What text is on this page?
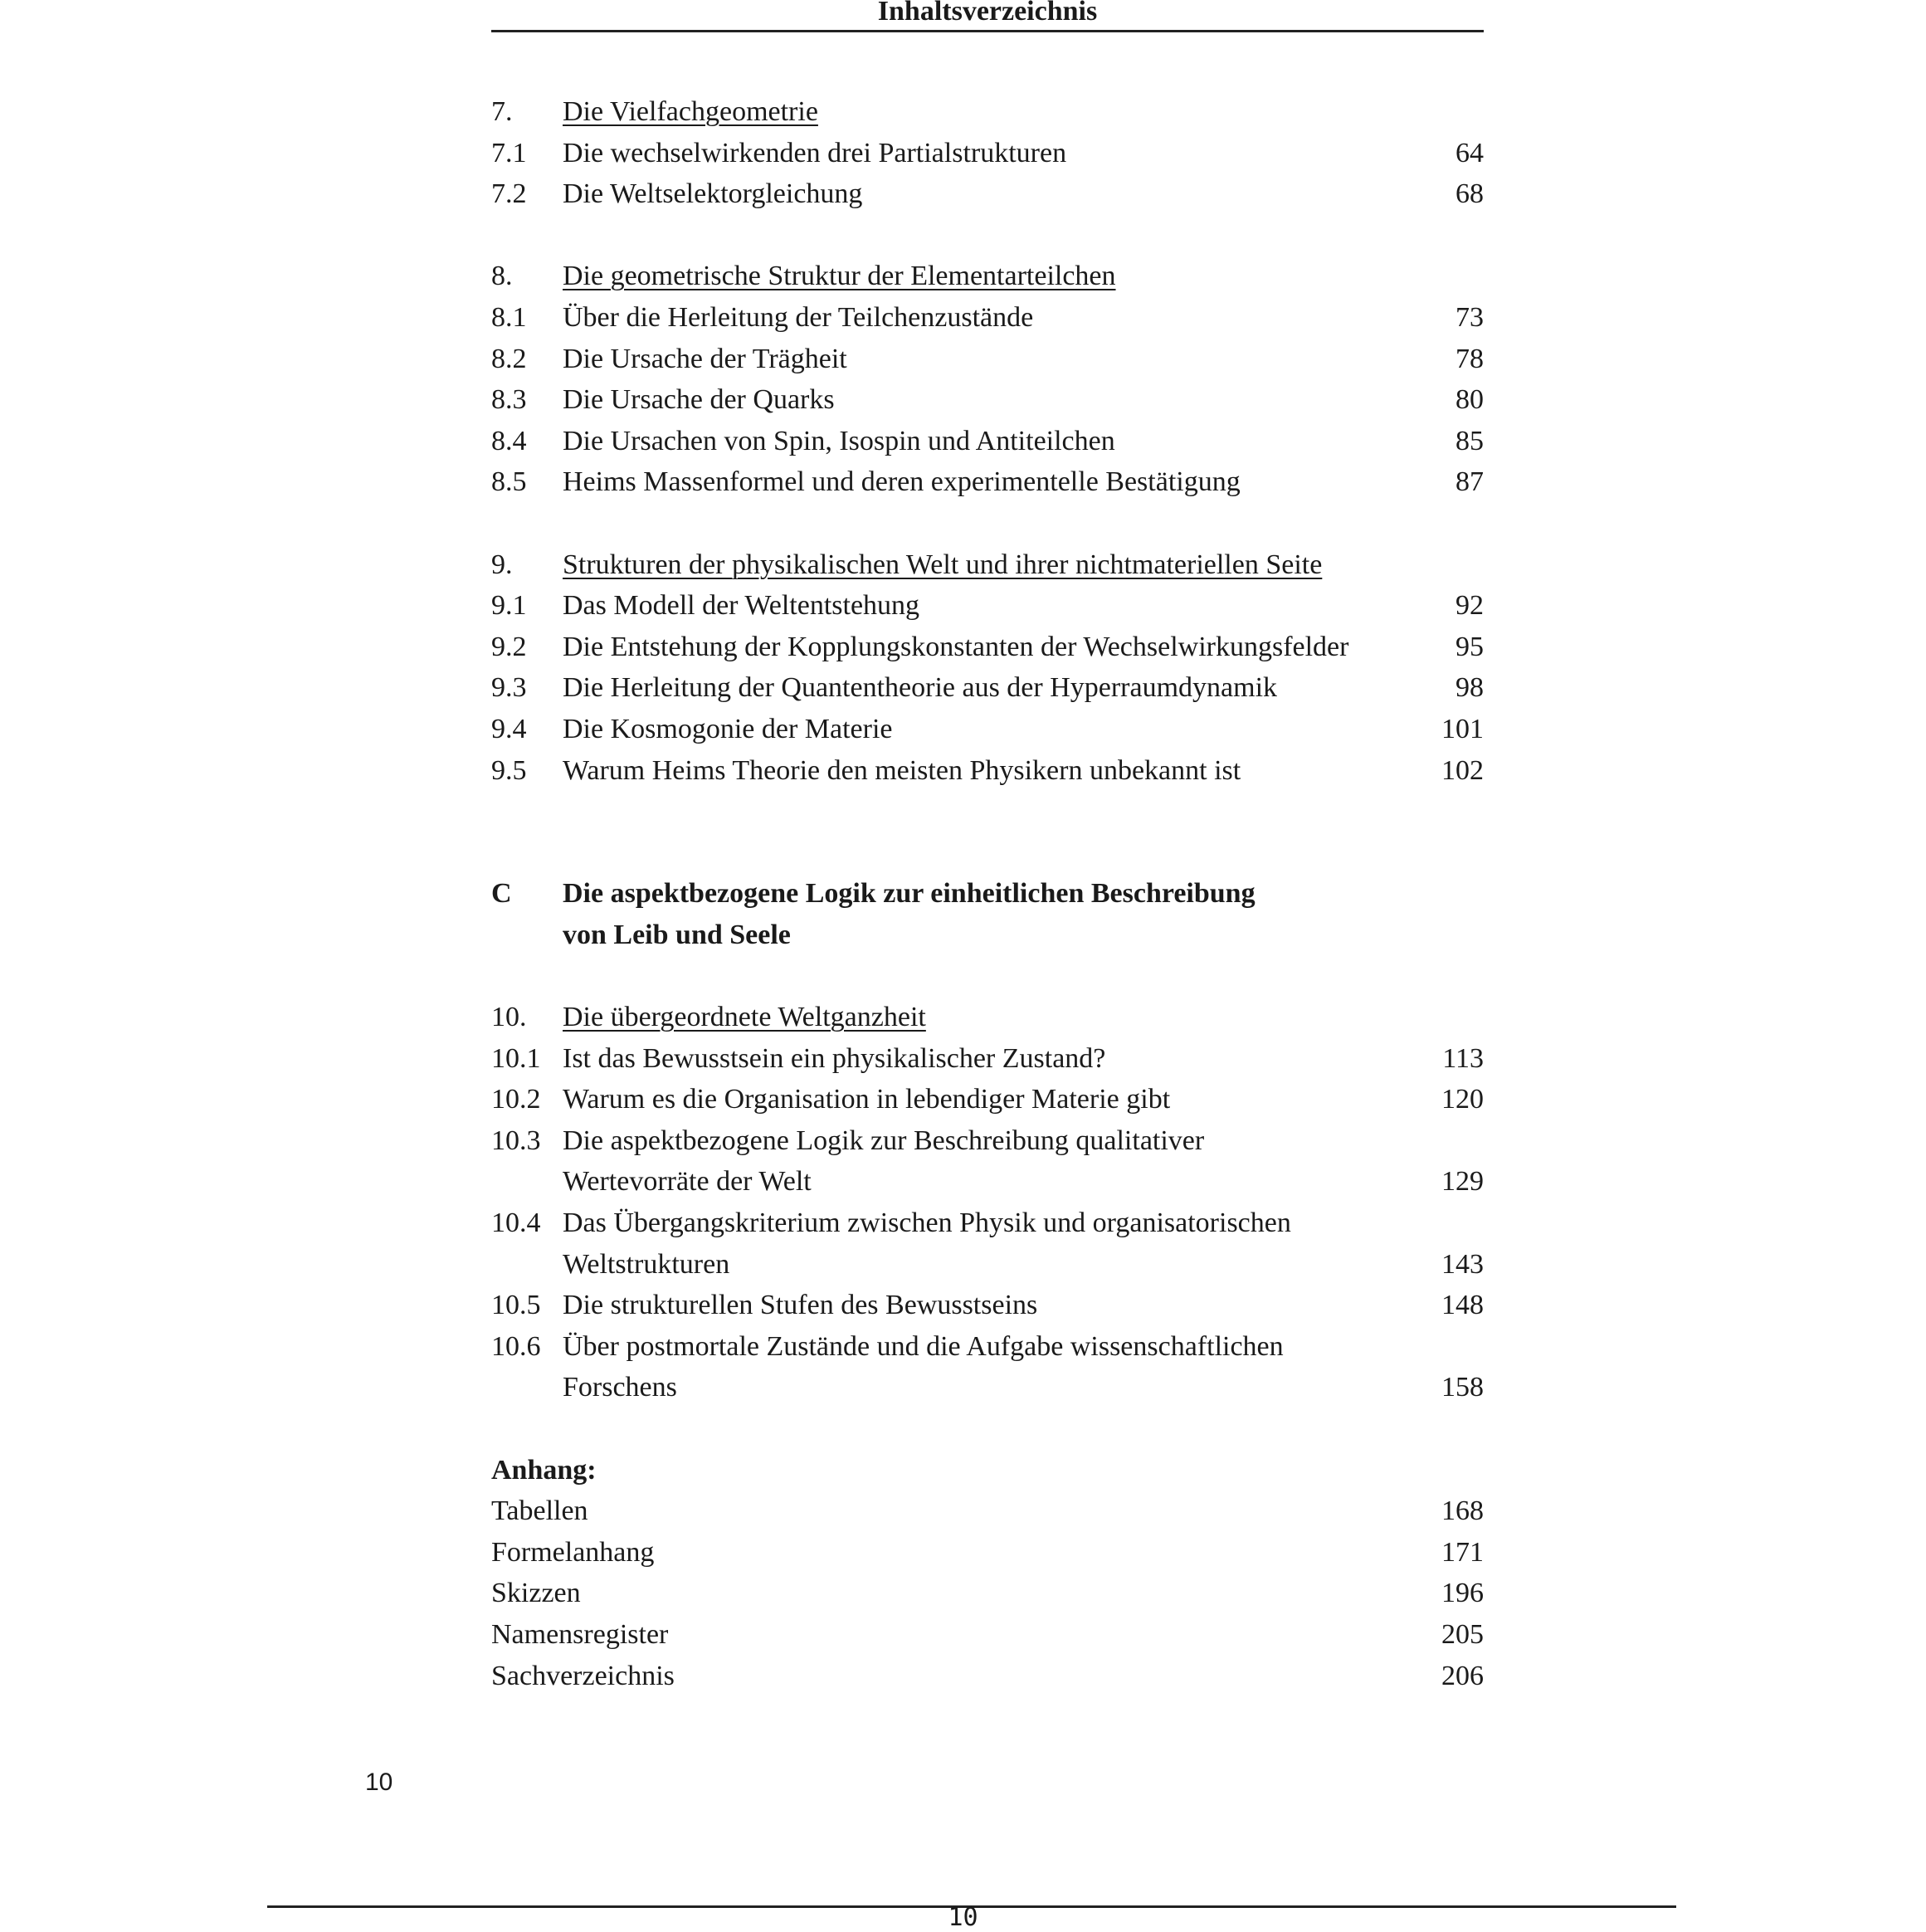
Inhaltsverzeichnis
7.	Die Vielfachgeometrie
7.1	Die wechselwirkenden drei Partialstrukturen	64
7.2	Die Weltselektorgleichung	68
8.	Die geometrische Struktur der Elementarteilchen
8.1	Über die Herleitung der Teilchenzustände	73
8.2	Die Ursache der Trägheit	78
8.3	Die Ursache der Quarks	80
8.4	Die Ursachen von Spin, Isospin und Antiteilchen	85
8.5	Heims Massenformel und deren experimentelle Bestätigung	87
9.	Strukturen der physikalischen Welt und ihrer nichtmateriellen Seite
9.1	Das Modell der Weltentstehung	92
9.2	Die Entstehung der Kopplungskonstanten der Wechselwirkungsfelder	95
9.3	Die Herleitung der Quantentheorie aus der Hyperraumdynamik	98
9.4	Die Kosmogonie der Materie	101
9.5	Warum Heims Theorie den meisten Physikern unbekannt ist	102
C	Die aspektbezogene Logik zur einheitlichen Beschreibung
von Leib und Seele
10.	Die übergeordnete Weltganzheit
10.1 Ist das Bewusstsein ein physikalischer Zustand?	113
10.2 Warum es die Organisation in lebendiger Materie gibt	120
10.3 Die aspektbezogene Logik zur Beschreibung qualitativer
Wertevorräte der Welt	129
10.4 Das Übergangskriterium zwischen Physik und organisatorischen
Weltstrukturen	143
10.5 Die strukturellen Stufen des Bewusstseins	148
10.6 Über postmortale Zustände und die Aufgabe wissenschaftlichen
Forschens	158
Anhang:
Tabellen	168
Formelanhang	171
Skizzen	196
Namensregister	205
Sachverzeichnis	206
10
10
